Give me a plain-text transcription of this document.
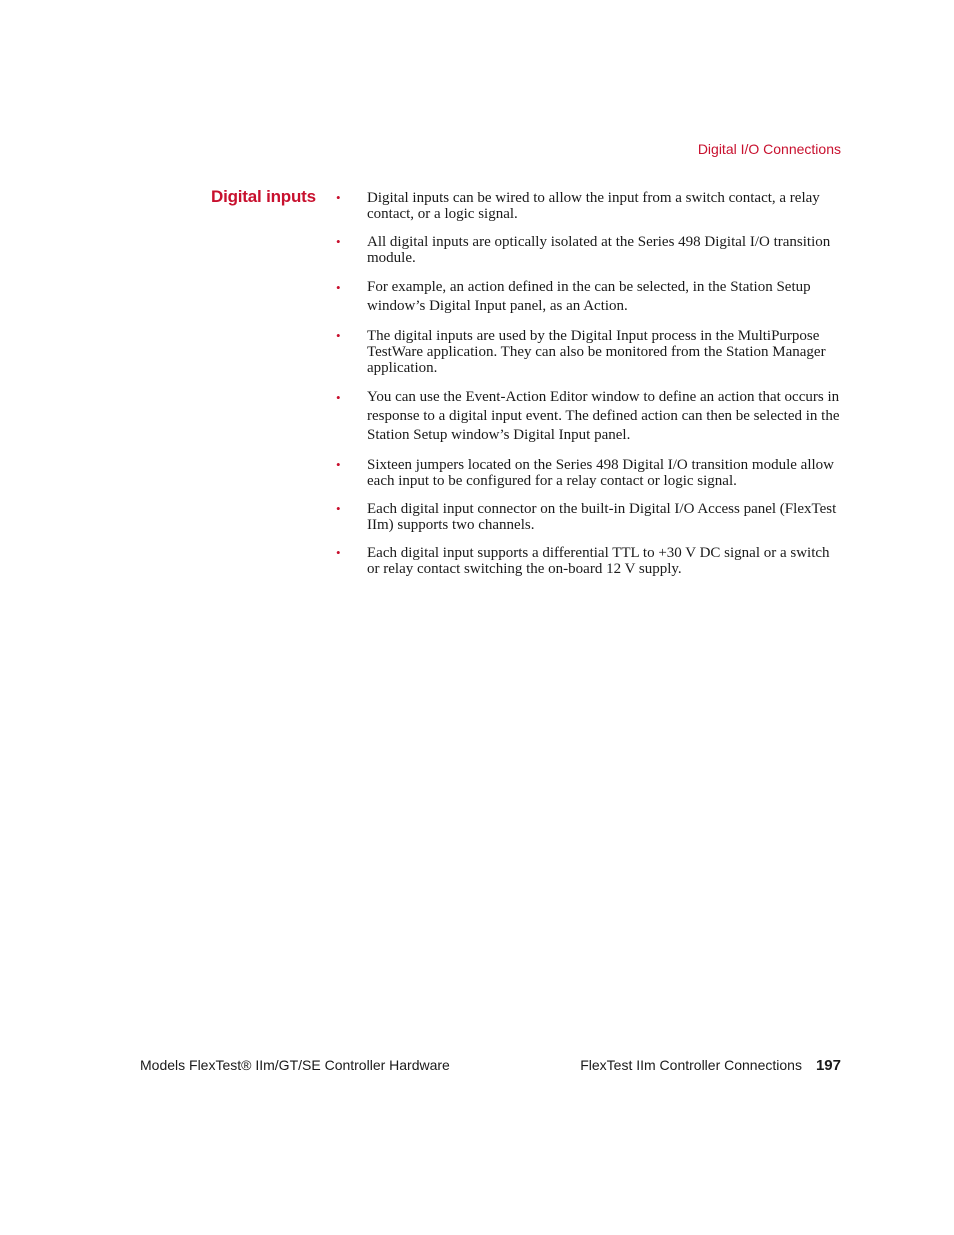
Digital I/O Connections
Digital inputs • Digital inputs can be wired to allow the input from a switch contact, a relay contact, or a logic signal.
• All digital inputs are optically isolated at the Series 498 Digital I/O transition module.
• For example, an action defined in the can be selected, in the Station Setup window’s Digital Input panel, as an Action.
• The digital inputs are used by the Digital Input process in the MultiPurpose TestWare application. They can also be monitored from the Station Manager application.
• You can use the Event-Action Editor window to define an action that occurs in response to a digital input event. The defined action can then be selected in the Station Setup window’s Digital Input panel.
• Sixteen jumpers located on the Series 498 Digital I/O transition module allow each input to be configured for a relay contact or logic signal.
• Each digital input connector on the built-in Digital I/O Access panel (FlexTest IIm) supports two channels.
• Each digital input supports a differential TTL to +30 V DC signal or a switch or relay contact switching the on-board 12 V supply.
Models FlexTest® IIm/GT/SE Controller Hardware	FlexTest IIm Controller Connections 197
